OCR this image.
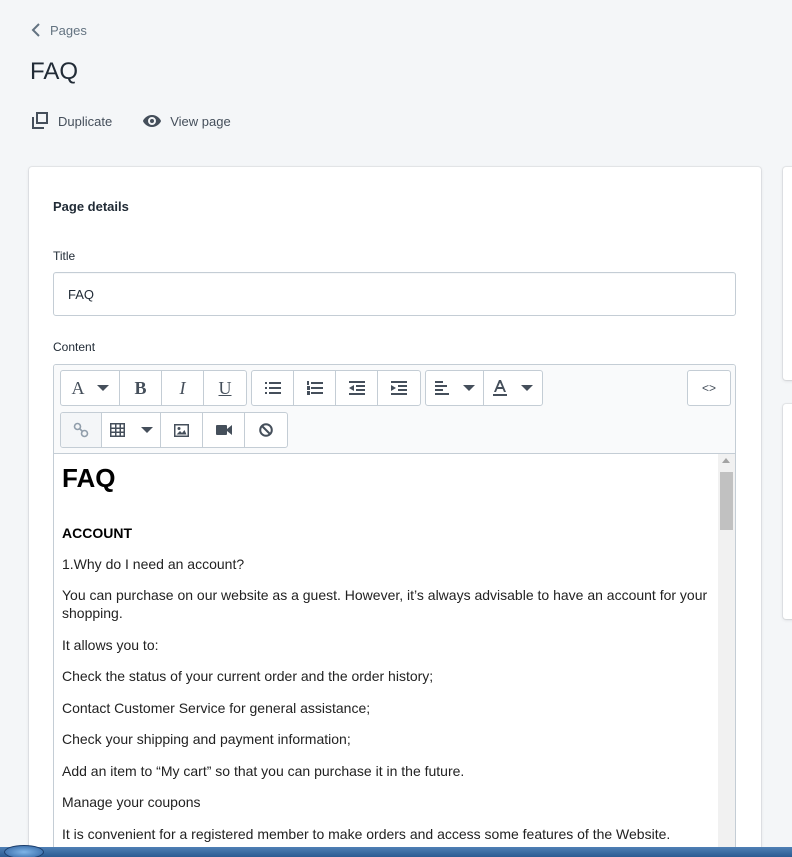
Pages
FAQ
Duplicate	View page
Page details
Title
FAQ
Content
A	B I U	<>
FAQ
ACCOUNT

1.Why do I need an account?

You can purchase on our website as a guest. However, it’s always advisable to have an account for your shopping.

It allows you to:

Check the status of your current order and the order history;

Contact Customer Service for general assistance;

Check your shipping and payment information;

Add an item to “My cart” so that you can purchase it in the future.

Manage your coupons

It is convenient for a registered member to make orders and access some features of the Website.
